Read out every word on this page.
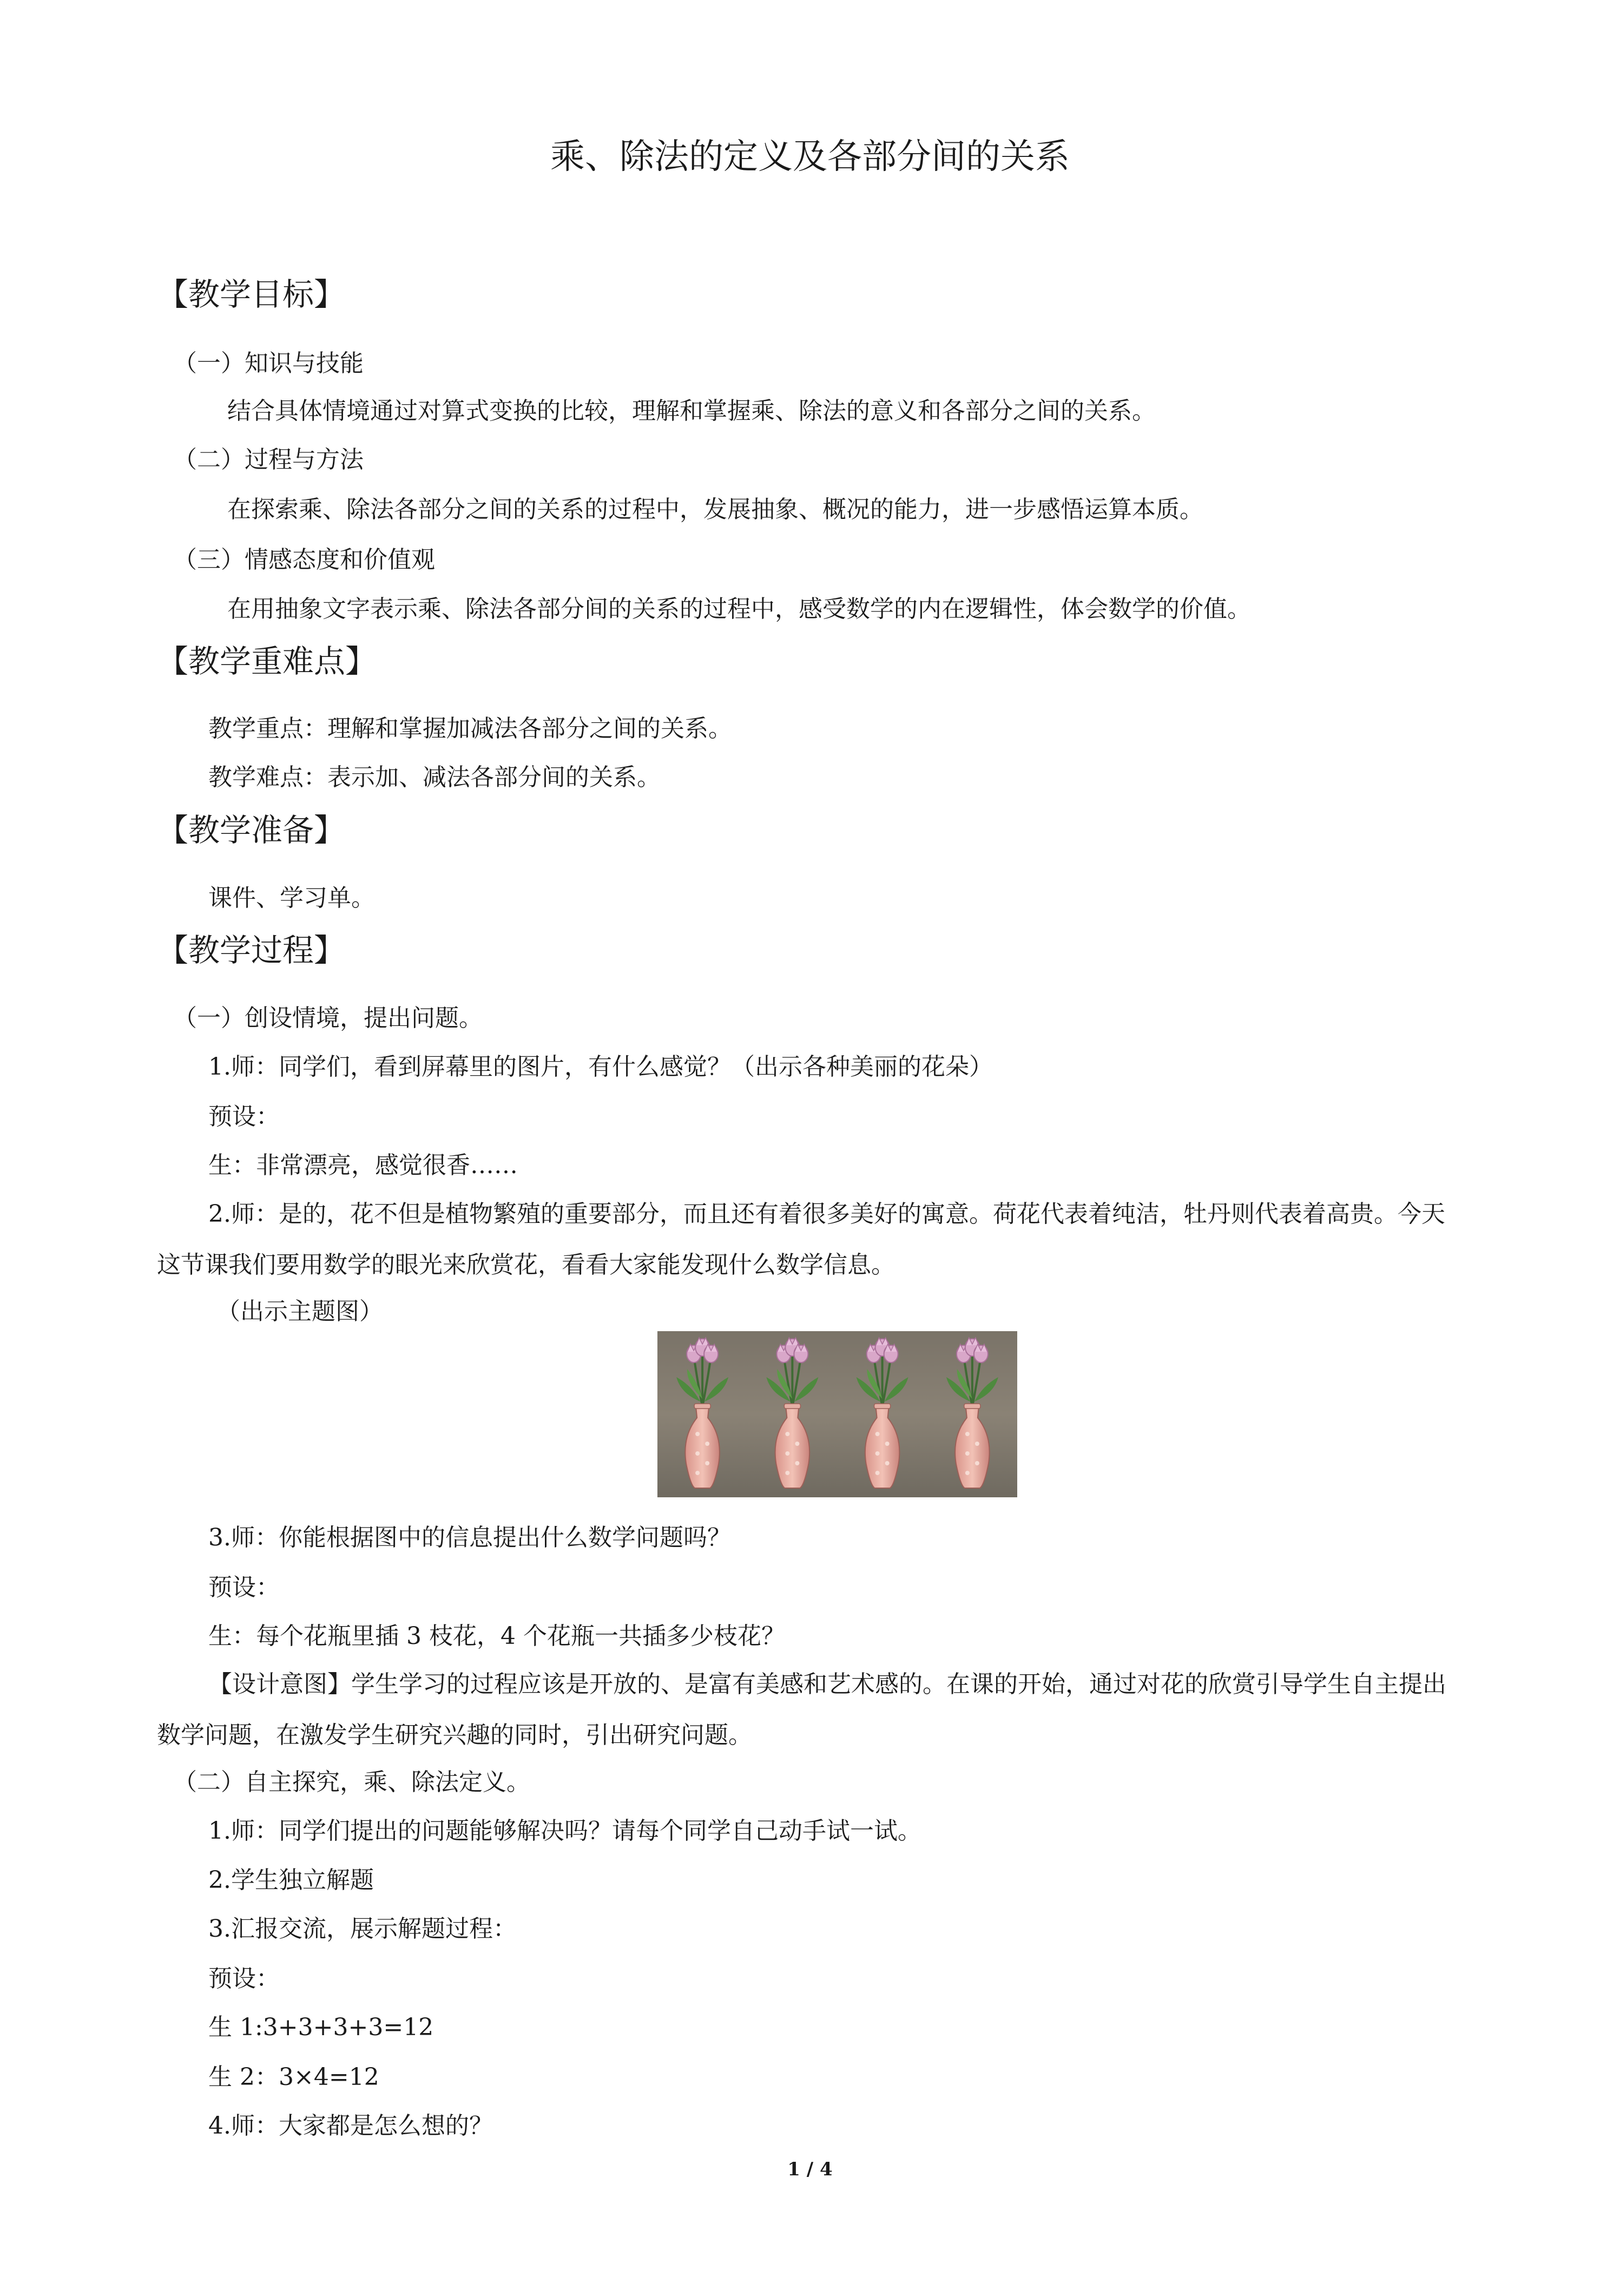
乘、除法的定义及各部分间的关系
【教学目标】
（一）知识与技能
结合具体情境通过对算式变换的比较，理解和掌握乘、除法的意义和各部分之间的关系。
（二）过程与方法
在探索乘、除法各部分之间的关系的过程中，发展抽象、概况的能力，进一步感悟运算本质。
（三）情感态度和价值观
在用抽象文字表示乘、除法各部分间的关系的过程中，感受数学的内在逻辑性，体会数学的价值。
【教学重难点】
教学重点：理解和掌握加减法各部分之间的关系。
教学难点：表示加、减法各部分间的关系。
【教学准备】
课件、学习单。
【教学过程】
（一）创设情境，提出问题。
1.师：同学们，看到屏幕里的图片，有什么感觉？（出示各种美丽的花朵）
预设：
生：非常漂亮，感觉很香……
2.师：是的，花不但是植物繁殖的重要部分，而且还有着很多美好的寓意。荷花代表着纯洁，牡丹则代表着高贵。今天这节课我们要用数学的眼光来欣赏花，看看大家能发现什么数学信息。
（出示主题图）
3.师：你能根据图中的信息提出什么数学问题吗？
预设：
生：每个花瓶里插 3 枝花，4 个花瓶一共插多少枝花？
【设计意图】学生学习的过程应该是开放的、是富有美感和艺术感的。在课的开始，通过对花的欣赏引导学生自主提出数学问题，在激发学生研究兴趣的同时，引出研究问题。
（二）自主探究，乘、除法定义。
1.师：同学们提出的问题能够解决吗？请每个同学自己动手试一试。
2.学生独立解题
3.汇报交流，展示解题过程：
预设：
生 1:3+3+3+3=12
生 2：3×4=12
4.师：大家都是怎么想的？
1 / 4
